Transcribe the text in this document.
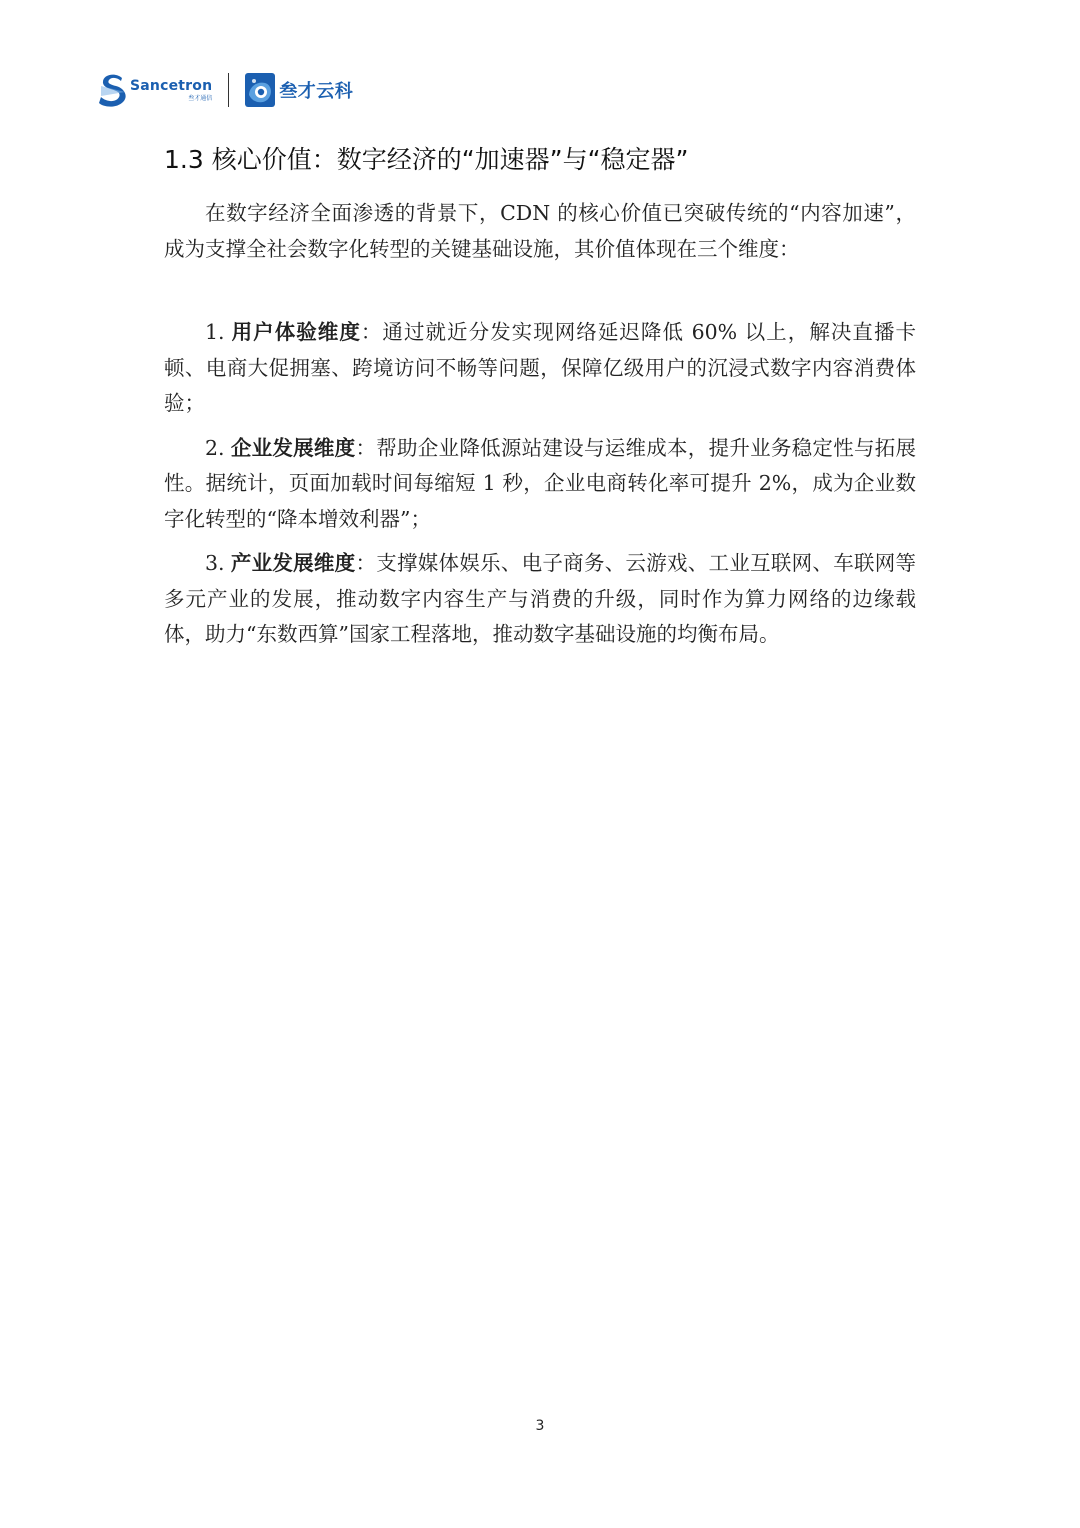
Sancetron
叁才通信	叁才云科
1.3 核心价值：数字经济的“加速器”与“稳定器”

在数字经济全面渗透的背景下，CDN 的核心价值已突破传统的“内容加速”，成为支撑全社会数字化转型的关键基础设施，其价值体现在三个维度：

1. 用户体验维度：通过就近分发实现网络延迟降低 60% 以上，解决直播卡顿、电商大促拥塞、跨境访问不畅等问题，保障亿级用户的沉浸式数字内容消费体验；

2. 企业发展维度：帮助企业降低源站建设与运维成本，提升业务稳定性与拓展性。据统计，页面加载时间每缩短 1 秒，企业电商转化率可提升 2%，成为企业数字化转型的“降本增效利器”；

3. 产业发展维度：支撑媒体娱乐、电子商务、云游戏、工业互联网、车联网等多元产业的发展，推动数字内容生产与消费的升级，同时作为算力网络的边缘载体，助力“东数西算”国家工程落地，推动数字基础设施的均衡布局。

3
